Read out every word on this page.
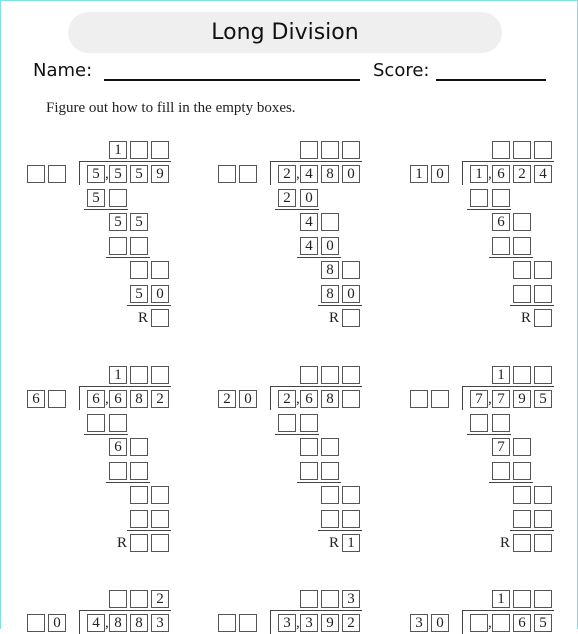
Long Division
Name:	Score:
Figure out how to fill in the empty boxes.
1
5 5 5 9
,
5
5 5
5 0
R
2 4 8 0
,
2 0
4
4 0
8
8 0
R
1 0	1 6 2 4
,
6
R
1
6	6 6 8 2
,
6
R
2 0	2 6 8
,
R 1
1
7 7 9 5
,
7
R
2
0	4 8 8 3
,
3
3 3 9 2
,
1
3 0	6 5
,
